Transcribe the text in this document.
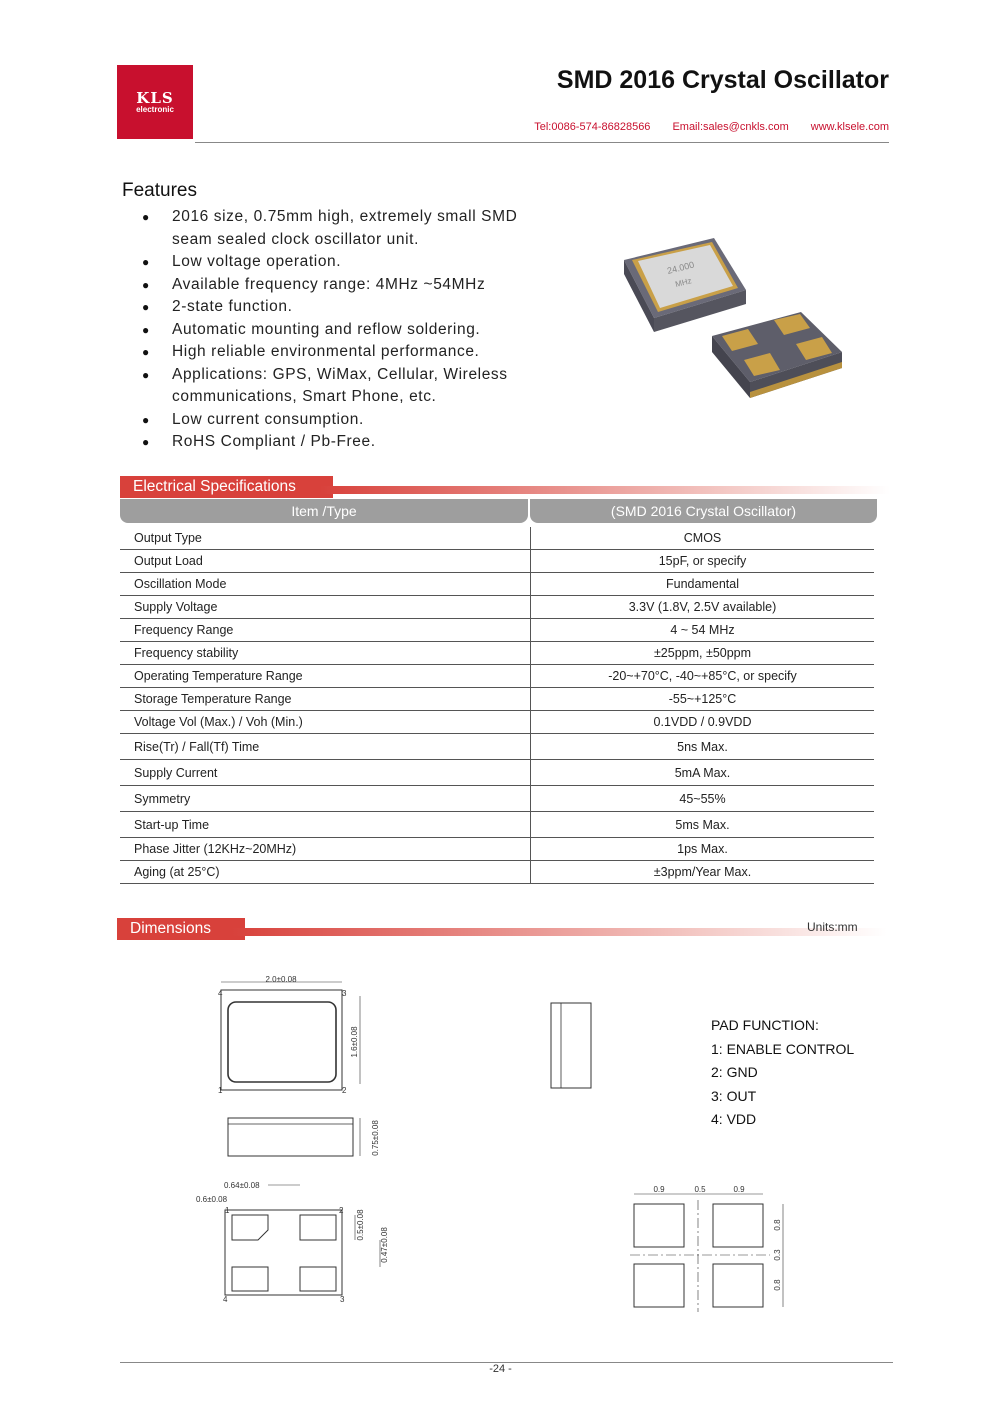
KLS
electronic
SMD 2016 Crystal Oscillator
Tel:0086-574-86828566 Email:sales@cnkls.com www.klsele.com
Features
● 2016 size, 0.75mm high, extremely small SMD seam sealed clock oscillator unit.
● Low voltage operation.
● Available frequency range: 4MHz ~54MHz
● 2-state function.
● Automatic mounting and reflow soldering.
● High reliable environmental performance.
● Applications: GPS, WiMax, Cellular, Wireless communications, Smart Phone, etc.
● Low current consumption.
● RoHS Compliant / Pb-Free.
24.000
MHz
Electrical Specifications
Item /Type	(SMD 2016 Crystal Oscillator)
Output Type	CMOS
Output Load	15pF, or specify
Oscillation Mode	Fundamental
Supply Voltage	3.3V (1.8V, 2.5V available)
Frequency Range	4 ~ 54 MHz
Frequency stability	±25ppm, ±50ppm
Operating Temperature Range	-20~+70°C, -40~+85°C, or specify
Storage Temperature Range	-55~+125°C
Voltage Vol (Max.) / Voh (Min.)	0.1VDD / 0.9VDD
Rise(Tr) / Fall(Tf) Time	5ns Max.
Supply Current	5mA Max.
Symmetry	45~55%
Start-up Time	5ms Max.
Phase Jitter (12KHz~20MHz)	1ps Max.
Aging (at 25°C)	±3ppm/Year Max.
Dimensions	Units:mm
2.0±0.08
1.6±0.08
4	3
1	2
0.75±0.08
0.64±0.08
0.6±0.08
0.5±0.08
0.47±0.08
1	2
4	3
0.9	0.5	0.9
0.8
0.3
0.8
PAD FUNCTION:
1: ENABLE CONTROL
2: GND
3: OUT
4: VDD
-24 -
